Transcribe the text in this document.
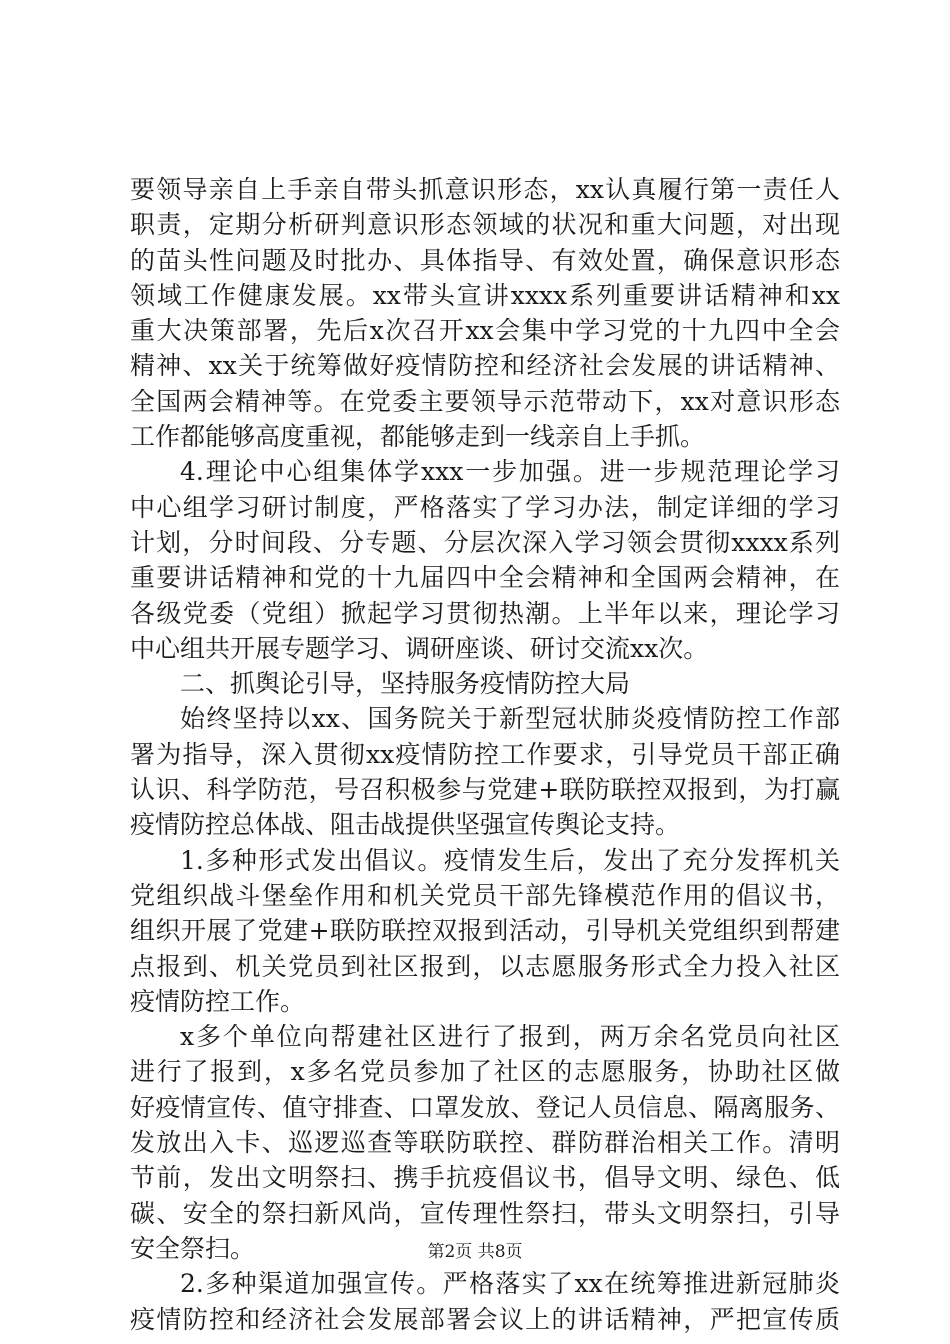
要领导亲自上手亲自带头抓意识形态，xx认真履行第一责任人
职责，定期分析研判意识形态领域的状况和重大问题，对出现
的苗头性问题及时批办、具体指导、有效处置，确保意识形态
领域工作健康发展。xx带头宣讲xxxx系列重要讲话精神和xx
重大决策部署，先后x次召开xx会集中学习党的十九四中全会
精神、xx关于统筹做好疫情防控和经济社会发展的讲话精神、
全国两会精神等。在党委主要领导示范带动下，xx对意识形态
工作都能够高度重视，都能够走到一线亲自上手抓。
4.理论中心组集体学xxx一步加强。进一步规范理论学习
中心组学习研讨制度，严格落实了学习办法，制定详细的学习
计划，分时间段、分专题、分层次深入学习领会贯彻xxxx系列
重要讲话精神和党的十九届四中全会精神和全国两会精神，在
各级党委（党组）掀起学习贯彻热潮。上半年以来，理论学习
中心组共开展专题学习、调研座谈、研讨交流xx次。
二、抓舆论引导，坚持服务疫情防控大局
始终坚持以xx、国务院关于新型冠状肺炎疫情防控工作部
署为指导，深入贯彻xx疫情防控工作要求，引导党员干部正确
认识、科学防范，号召积极参与党建+联防联控双报到，为打赢
疫情防控总体战、阻击战提供坚强宣传舆论支持。
1.多种形式发出倡议。疫情发生后，发出了充分发挥机关
党组织战斗堡垒作用和机关党员干部先锋模范作用的倡议书，
组织开展了党建+联防联控双报到活动，引导机关党组织到帮建
点报到、机关党员到社区报到，以志愿服务形式全力投入社区
疫情防控工作。
x多个单位向帮建社区进行了报到，两万余名党员向社区
进行了报到，x多名党员参加了社区的志愿服务，协助社区做
好疫情宣传、值守排查、口罩发放、登记人员信息、隔离服务、
发放出入卡、巡逻巡查等联防联控、群防群治相关工作。清明
节前，发出文明祭扫、携手抗疫倡议书，倡导文明、绿色、低
碳、安全的祭扫新风尚，宣传理性祭扫，带头文明祭扫，引导
安全祭扫。
2.多种渠道加强宣传。严格落实了xx在统筹推进新冠肺炎
疫情防控和经济社会发展部署会议上的讲话精神，严把宣传质
第2页 共8页
